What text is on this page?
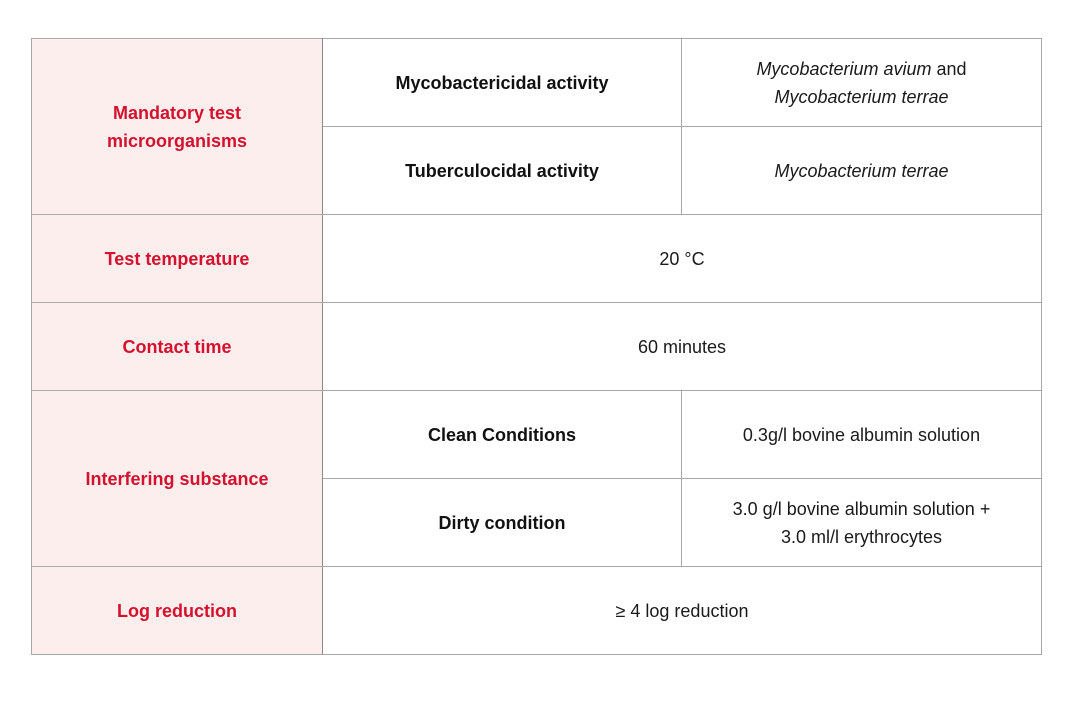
Mandatory test microorganisms	Mycobactericidal activity	Mycobacterium avium and
Mycobacterium terrae
	Tuberculocidal activity	Mycobacterium terrae
Test temperature	20 °C	
Contact time	60 minutes	
Interfering substance	Clean Conditions	0.3g/l bovine albumin solution
	Dirty condition	3.0 g/l bovine albumin solution +
3.0 ml/l erythrocytes
Log reduction	≥ 4 log reduction	
